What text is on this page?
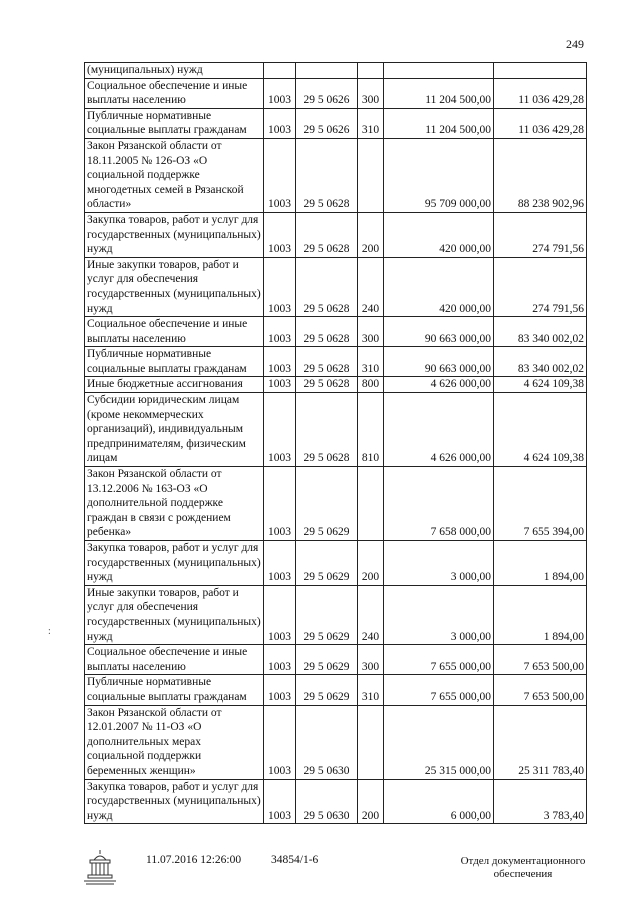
249
:
(муниципальных) нужд					
Социальное обеспечение и иные выплаты населению	1003	29 5 0626	300	11 204 500,00	11 036 429,28
Публичные нормативные социальные выплаты гражданам	1003	29 5 0626	310	11 204 500,00	11 036 429,28
Закон Рязанской области от 18.11.2005 № 126-ОЗ «О социальной поддержке многодетных семей в Рязанской области»	1003	29 5 0628		95 709 000,00	88 238 902,96
Закупка товаров, работ и услуг для государственных (муниципальных) нужд	1003	29 5 0628	200	420 000,00	274 791,56
Иные закупки товаров, работ и услуг для обеспечения государственных (муниципальных) нужд	1003	29 5 0628	240	420 000,00	274 791,56
Социальное обеспечение и иные выплаты населению	1003	29 5 0628	300	90 663 000,00	83 340 002,02
Публичные нормативные социальные выплаты гражданам	1003	29 5 0628	310	90 663 000,00	83 340 002,02
Иные бюджетные ассигнования	1003	29 5 0628	800	4 626 000,00	4 624 109,38
Субсидии юридическим лицам (кроме некоммерческих организаций), индивидуальным предпринимателям, физическим лицам	1003	29 5 0628	810	4 626 000,00	4 624 109,38
Закон Рязанской области от 13.12.2006 № 163-ОЗ «О дополнительной поддержке граждан в связи с рождением ребенка»	1003	29 5 0629		7 658 000,00	7 655 394,00
Закупка товаров, работ и услуг для государственных (муниципальных) нужд	1003	29 5 0629	200	3 000,00	1 894,00
Иные закупки товаров, работ и услуг для обеспечения государственных (муниципальных) нужд	1003	29 5 0629	240	3 000,00	1 894,00
Социальное обеспечение и иные выплаты населению	1003	29 5 0629	300	7 655 000,00	7 653 500,00
Публичные нормативные социальные выплаты гражданам	1003	29 5 0629	310	7 655 000,00	7 653 500,00
Закон Рязанской области от 12.01.2007 № 11-ОЗ «О дополнительных мерах социальной поддержки беременных женщин»	1003	29 5 0630		25 315 000,00	25 311 783,40
Закупка товаров, работ и услуг для государственных (муниципальных) нужд	1003	29 5 0630	200	6 000,00	3 783,40
11.07.2016 12:26:00	34854/1-6	Отдел документационного обеспечения
